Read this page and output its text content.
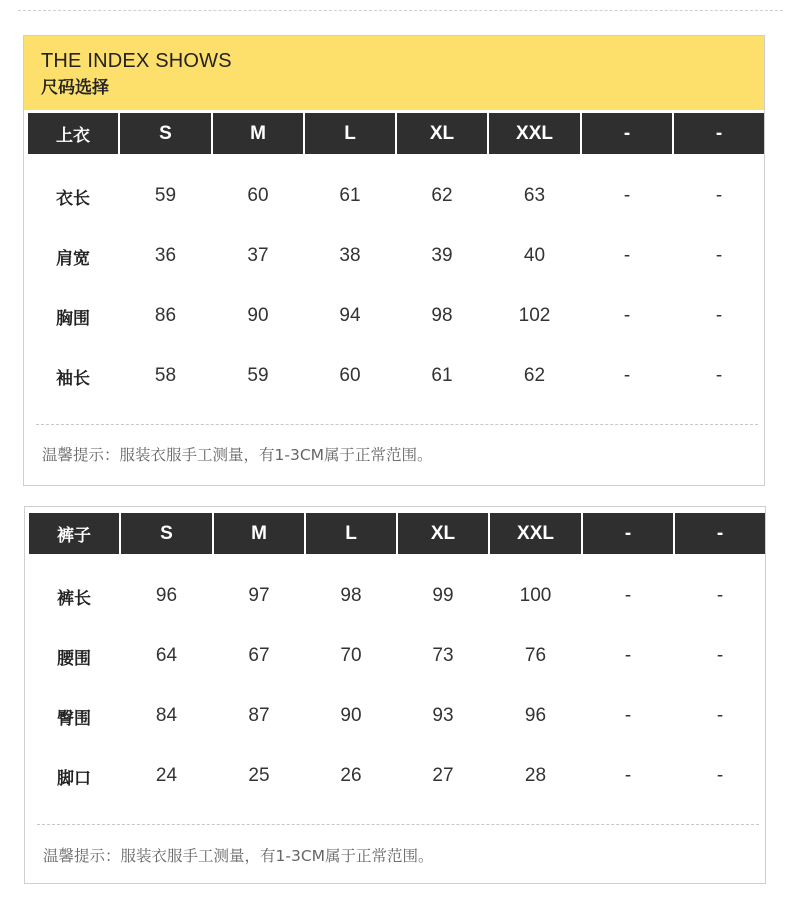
THE INDEX SHOWS
尺码选择
温馨提示：服装衣服手工测量，有1-3CM属于正常范围。
上衣	S	M	L	XL	XXL	-	-
衣长	59	60	61	62	63	-	-
肩宽	36	37	38	39	40	-	-
胸围	86	90	94	98	102	-	-
袖长	58	59	60	61	62	-	-
温馨提示：服装衣服手工测量，有1-3CM属于正常范围。
裤子	S	M	L	XL	XXL	-	-
裤长	96	97	98	99	100	-	-
腰围	64	67	70	73	76	-	-
臀围	84	87	90	93	96	-	-
脚口	24	25	26	27	28	-	-
